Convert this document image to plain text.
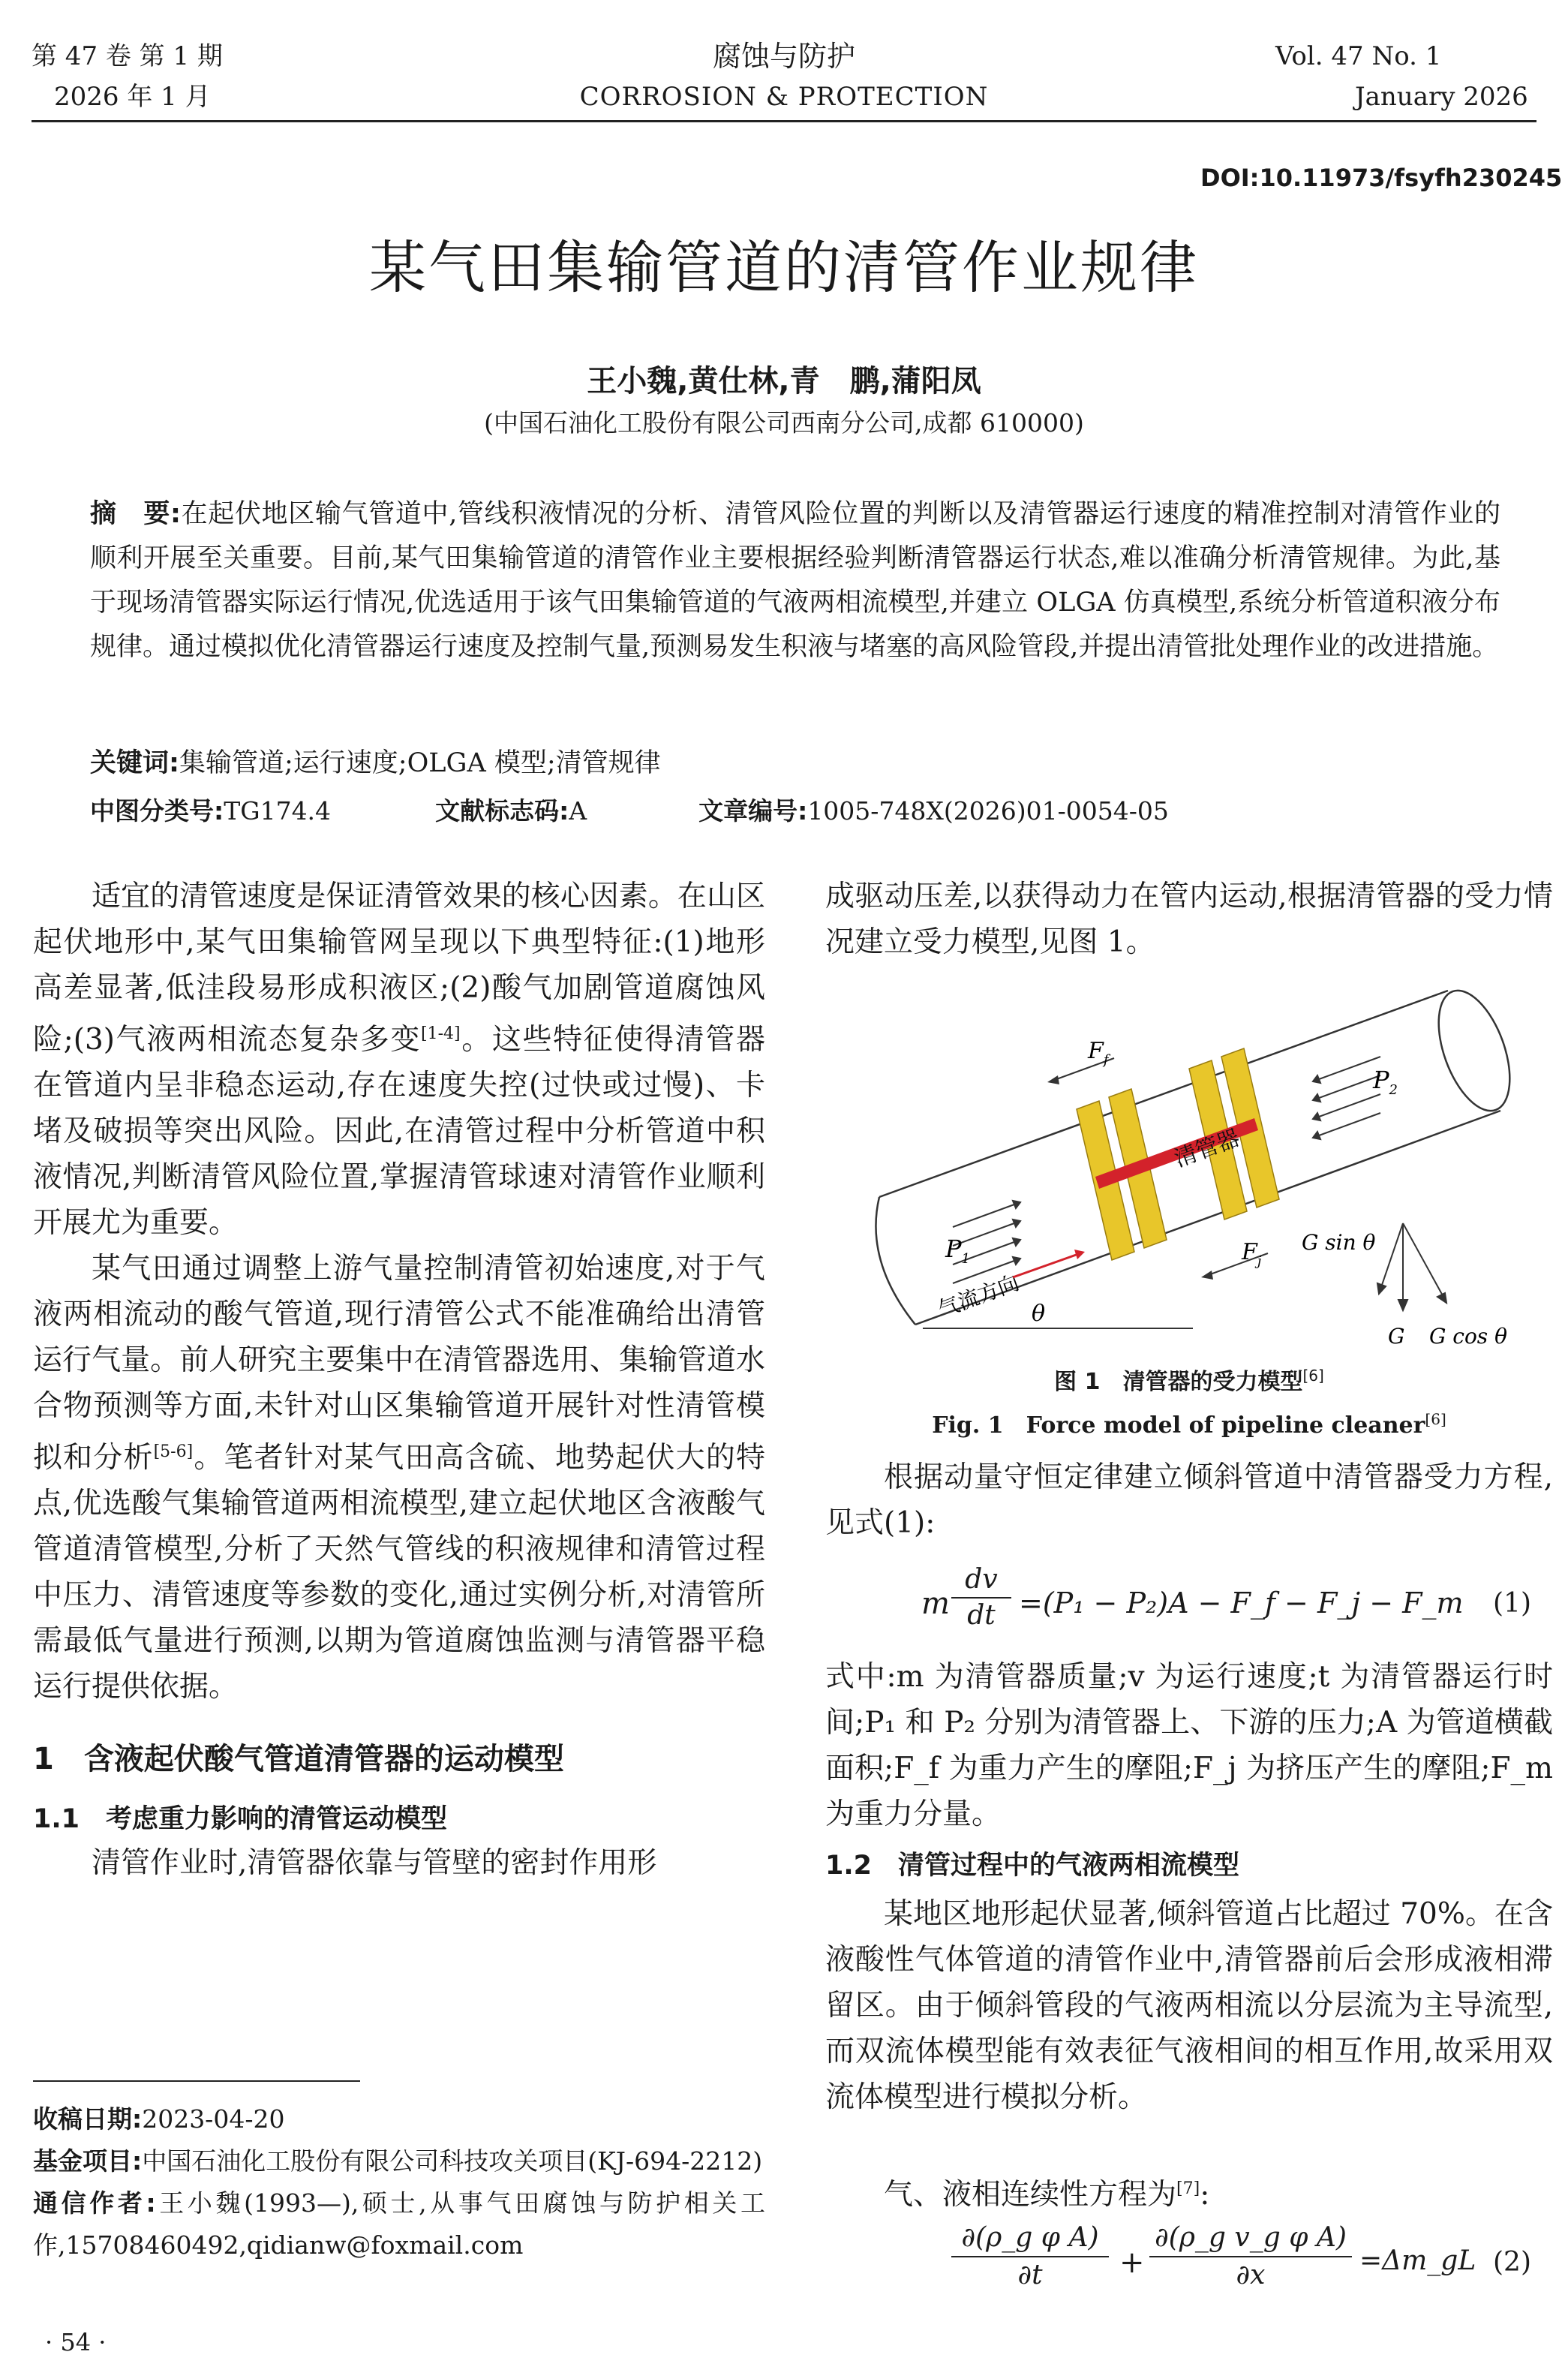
第 47 卷 第 1 期
2026 年 1 月
腐蚀与防护
CORROSION & PROTECTION
Vol. 47 No. 1
January 2026
DOI:10.11973/fsyfh230245
某气田集输管道的清管作业规律
王小魏,黄仕林,青　鹏,蒲阳凤
(中国石油化工股份有限公司西南分公司,成都 610000)
摘　要:在起伏地区输气管道中,管线积液情况的分析、清管风险位置的判断以及清管器运行速度的精准控制对清管作业的顺利开展至关重要。目前,某气田集输管道的清管作业主要根据经验判断清管器运行状态,难以准确分析清管规律。为此,基于现场清管器实际运行情况,优选适用于该气田集输管道的气液两相流模型,并建立 OLGA 仿真模型,系统分析管道积液分布规律。通过模拟优化清管器运行速度及控制气量,预测易发生积液与堵塞的高风险管段,并提出清管批处理作业的改进措施。
关键词:集输管道;运行速度;OLGA 模型;清管规律
中图分类号:TG174.4	文献标志码:A	文章编号:1005-748X(2026)01-0054-05
适宜的清管速度是保证清管效果的核心因素。在山区起伏地形中,某气田集输管网呈现以下典型特征:(1)地形高差显著,低洼段易形成积液区;(2)酸气加剧管道腐蚀风险;(3)气液两相流态复杂多变[1-4]。这些特征使得清管器在管道内呈非稳态运动,存在速度失控(过快或过慢)、卡堵及破损等突出风险。因此,在清管过程中分析管道中积液情况,判断清管风险位置,掌握清管球速对清管作业顺利开展尤为重要。
某气田通过调整上游气量控制清管初始速度,对于气液两相流动的酸气管道,现行清管公式不能准确给出清管运行气量。前人研究主要集中在清管器选用、集输管道水合物预测等方面,未针对山区集输管道开展针对性清管模拟和分析[5-6]。笔者针对某气田高含硫、地势起伏大的特点,优选酸气集输管道两相流模型,建立起伏地区含液酸气管道清管模型,分析了天然气管线的积液规律和清管过程中压力、清管速度等参数的变化,通过实例分析,对清管所需最低气量进行预测,以期为管道腐蚀监测与清管器平稳运行提供依据。
1　含液起伏酸气管道清管器的运动模型
1.1　考虑重力影响的清管运动模型
清管作业时,清管器依靠与管壁的密封作用形
收稿日期:2023-04-20
基金项目:中国石油化工股份有限公司科技攻关项目(KJ-694-2212)
通信作者:王小魏(1993—),硕士,从事气田腐蚀与防护相关工作,15708460492,qidianw@foxmail.com
· 54 ·
成驱动压差,以获得动力在管内运动,根据清管器的受力情况建立受力模型,见图 1。
清管器
$F_f$
$F_j$
$P_1$
$P_2$
气流方向 θ
G sin θ
G G cos θ
图 1　清管器的受力模型[6]
Fig. 1　Force model of pipeline cleaner[6]
根据动量守恒定律建立倾斜管道中清管器受力方程,见式(1):
m
dv
dt =(P₁ − P₂)A − F_f − F_j − F_m (1)
式中:m 为清管器质量;v 为运行速度;t 为清管器运行时间;P₁ 和 P₂ 分别为清管器上、下游的压力;A 为管道横截面积;F_f 为重力产生的摩阻;F_j 为挤压产生的摩阻;F_m 为重力分量。
1.2　清管过程中的气液两相流模型
某地区地形起伏显著,倾斜管道占比超过 70%。在含液酸性气体管道的清管作业中,清管器前后会形成液相滞留区。由于倾斜管段的气液两相流以分层流为主导流型,而双流体模型能有效表征气液相间的相互作用,故采用双流体模型进行模拟分析。
气、液相连续性方程为[7]:
∂(ρ_g φ A)
∂t	+
∂(ρ_g v_g φ A)
∂x	=Δm_gL (2)
